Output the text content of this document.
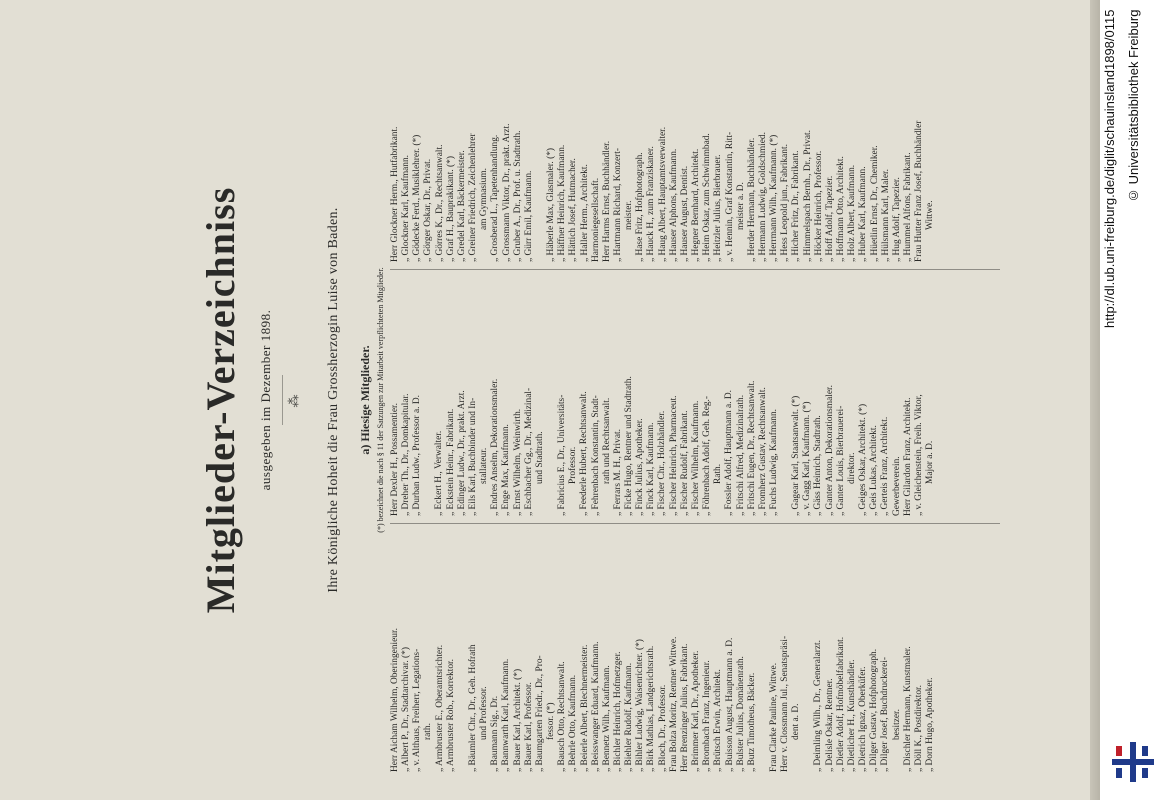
Mitglieder-Verzeichniss ausgegeben im Dezember 1898. ⁂ Ihre Königliche Hoheit die Frau Grossherzogin Luise von Baden. a) Hiesige Mitglieder. (*) bezeichnet die nach § 11 der Satzungen zur Mitarbeit verpflichteten Mitglieder.
Herr Aicham Wilhelm, Oberingenieur. „ Albert P., Dr., Stadtarchivar. (*) „ v. Althaus, Freiherr, Legations- rath. „ Armbruster E., Oberamtsrichter. „ Armbruster Rob., Korrektor. „ Bäumler Chr., Dr., Geh. Hofrath und Professor. „ Baumann Sig., Dr. „ Bannwarth Karl, Kaufmann. „ Bauer Karl, Architekt. (*) „ Bauer Karl, Professor. „ Baumgarten Friedr., Dr., Pro- fessor. (*) „ Bausch Otto, Rechtsanwalt. „ Behrle Otto, Kaufmann. „ Beierle Albert, Blechnermeister. „ Beisswanger Eduard, Kaufmann. „ Bennetz Wilh., Kaufmann. „ Bichler Heinrich, Hofmetzger. „ Biehler Rudolf, Kaufmann. „ Bihler Ludwig, Waisenrichter. (*) „ Birk Mathias, Landgerichtsrath. „ Bloch, Dr., Professor. Frau Bolza Moritz, Rentner Wittwe. Herr Brenzinger Julius, Fabrikant. „ Brimmer Karl, Dr., Apotheker. „ Brombach Franz, Ingenieur. „ Brütsch Erwin, Architekt. „ Buisson August, Hauptmann a. D. „ Bulster Julius, Domänenrath. „ Butz Timotheus, Bäcker. Frau Clarke Pauline, Wittwe. Herr v. Clossmann Jul., Senatspräsi- dent a. D. „ Deimling Wilh., Dr., Generalarzt. „ Delisle Oskar, Rentner. „ Dietler Adolf, Hofmöbelfabrikant. „ Dietlicher H., Kunsthändler. „ Dietrich Ignaz, Oberküfer. „ Dilger Gustav, Hofphotograph. „ Dilger Josef, Buchdruckerei- besitzer. „ Dischler Hermann, Kunstmaler. „ Döll K., Postdirektor. „ Dorn Hugo, Apotheker.
Herr Dexler H., Possamentier. „ Dreher Th., Dr., Domkapitular. „ Durban Ludw., Professor a. D. „ Eckert H., Verwalter. „ Eckstein Heinr., Fabrikant. „ Edinger Ludw., Dr., prakt. Arzt. „ Eils Karl, Buchbinder und In- stallateur. „ Endres Anselm, Dekorationsmaler. „ Enge Max, Kaufmann. „ Ernst Wilhelm, Weinwirth. „ Eschbacher Gg., Dr., Medizinal- und Stadtrath. „ Fabricius E., Dr., Universitäts- Professor. „ Feederle Hubert, Rechtsanwalt. „ Fehrenbach Konstantin, Stadt- rath und Rechtsanwalt. „ Ferrars M. H., Privat. „ Ficke Hugo, Rentner und Stadtrath. „ Finck Julius, Apotheker. „ Finck Karl, Kaufmann. „ Fischer Chr., Holzhändler. „ Fischer Heinrich, Pharmaceut. „ Fischer Rudolf, Fabrikant. „ Fischer Wilhelm, Kaufmann. „ Föhrenbach Adolf, Geh. Reg.- Rath. „ Fossler Adolf, Hauptmann a. D. „ Fritschi Alfred, Medizinalrath. „ Fritschi Eugen, Dr., Rechtsanwalt. „ Fromherz Gustav, Rechtsanwalt. „ Fuchs Ludwig, Kaufmann. „ Gagear Karl, Staatsanwalt. (*) „ v. Gagg Karl, Kaufmann. (*) „ Gäss Heinrich, Stadtrath. „ Ganter Anton, Dekorationsmaler. „ Ganter Louis, Bierbrauerei- direktor. „ Geiges Oskar, Architekt. (*) „ Geis Lukas, Architekt. „ Gerteis Franz, Architekt. Gewerbeverein. Herr Gilardon Franz, Architekt. „ v. Gleichenstein, Freih. Viktor, Major a. D.
Herr Glockner Herm., Hutfabrikant. „ Glockner Karl, Kaufmann. „ Gödecke Ferd., Musiklehrer. (*) „ Görger Oskar, Dr., Privat. „ Görres K., Dr., Rechtsanwalt. „ Graf H., Bauprakikant. (*) „ Gredel Karl, Bäckermeister. „ Greiner Friedrich, Zeichenlehrer am Gymnasium. „ Grosberad L., Tapetenhandlung. „ Grossmann Viktor, Dr., prakt. Arzt. „ Gruber A., Dr., Prof. u. Stadtrath. „ Gürr Emil, Kaufmann. „ Häberle Max, Glasmaler. (*) „ Häffner Heinrich, Kaufmann. „ Hättich Josef, Hutmacher. „ Haller Herm., Architekt. Harmoniegesellschaft. Herr Harms Ernst, Buchhändler. „ Hartmann Richard, Konzert- meister. „ Hase Fritz, Hofphotograph. „ Hauck H., zum Franziskaner. „ Haug Albert, Hauptamtsverwalter. „ Hauser Alphons, Kaufmann. „ Hauser August, Dentist. „ Hegner Bernhard, Architekt. „ Heim Oskar, zum Schwimmbad. „ Heitzler Julius, Bierbrauer. „ v. Hennin, Graf Konstantin, Ritt- meister a. D. „ Herder Hermann, Buchhändler. „ Hermann Ludwig, Goldschmied. „ Herrmann Wilh., Kaufmann. (*) „ Hess Leopold jun., Fabrikant. „ Hicher Fritz, Dr., Fabrikant. „ Himmelspach Bernh., Dr., Privat. „ Höcker Heinrich, Professor. „ Hoff Adolf, Tapezier. „ Hoffmann Otto, Architekt. „ Holz Albert, Kaufmann. „ Huber Karl, Kaufmann. „ Hüetlin Ernst, Dr., Chemiker. „ Hülsmann Karl, Maler. „ Hug Adolf, Tapezier. „ Hummel Alfons, Fabrikant. Frau Hutter Franz Josef, Buchhändler Wittwe.	http://dl.ub.uni-freiburg.de/diglit/schauinsland1898/0115 © Universitätsbibliothek Freiburg
